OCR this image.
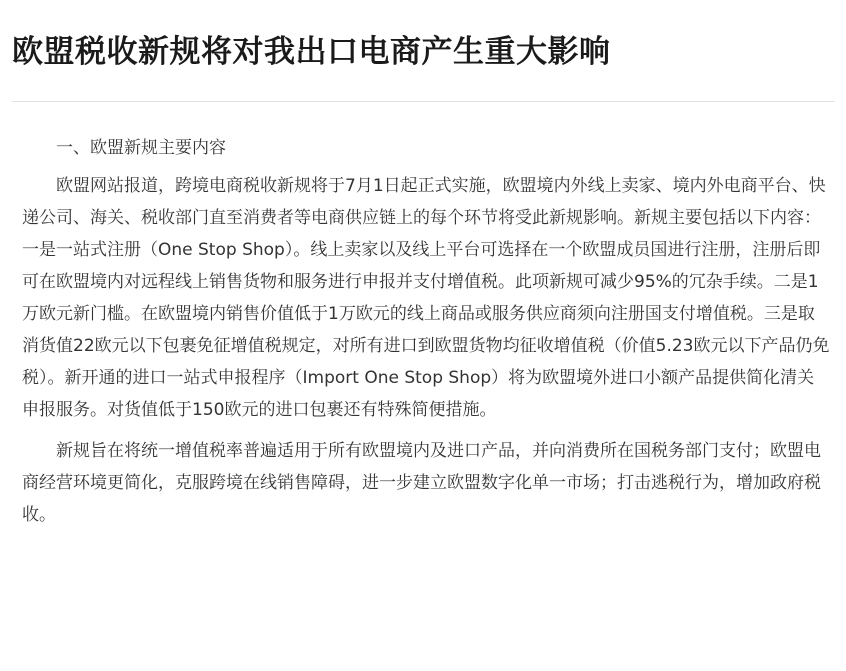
欧盟税收新规将对我出口电商产生重大影响

一、欧盟新规主要内容

欧盟网站报道，跨境电商税收新规将于7月1日起正式实施，欧盟境内外线上卖家、境内外电商平台、快递公司、海关、税收部门直至消费者等电商供应链上的每个环节将受此新规影响。新规主要包括以下内容：一是一站式注册（One Stop Shop）。线上卖家以及线上平台可选择在一个欧盟成员国进行注册，注册后即可在欧盟境内对远程线上销售货物和服务进行申报并支付增值税。此项新规可减少95%的冗杂手续。二是1万欧元新门槛。在欧盟境内销售价值低于1万欧元的线上商品或服务供应商须向注册国支付增值税。三是取消货值22欧元以下包裹免征增值税规定，对所有进口到欧盟货物均征收增值税（价值5.23欧元以下产品仍免税）。新开通的进口一站式申报程序（Import One Stop Shop）将为欧盟境外进口小额产品提供简化清关申报服务。对货值低于150欧元的进口包裹还有特殊简便措施。

新规旨在将统一增值税率普遍适用于所有欧盟境内及进口产品，并向消费所在国税务部门支付；欧盟电商经营环境更简化，克服跨境在线销售障碍，进一步建立欧盟数字化单一市场；打击逃税行为，增加政府税收。
